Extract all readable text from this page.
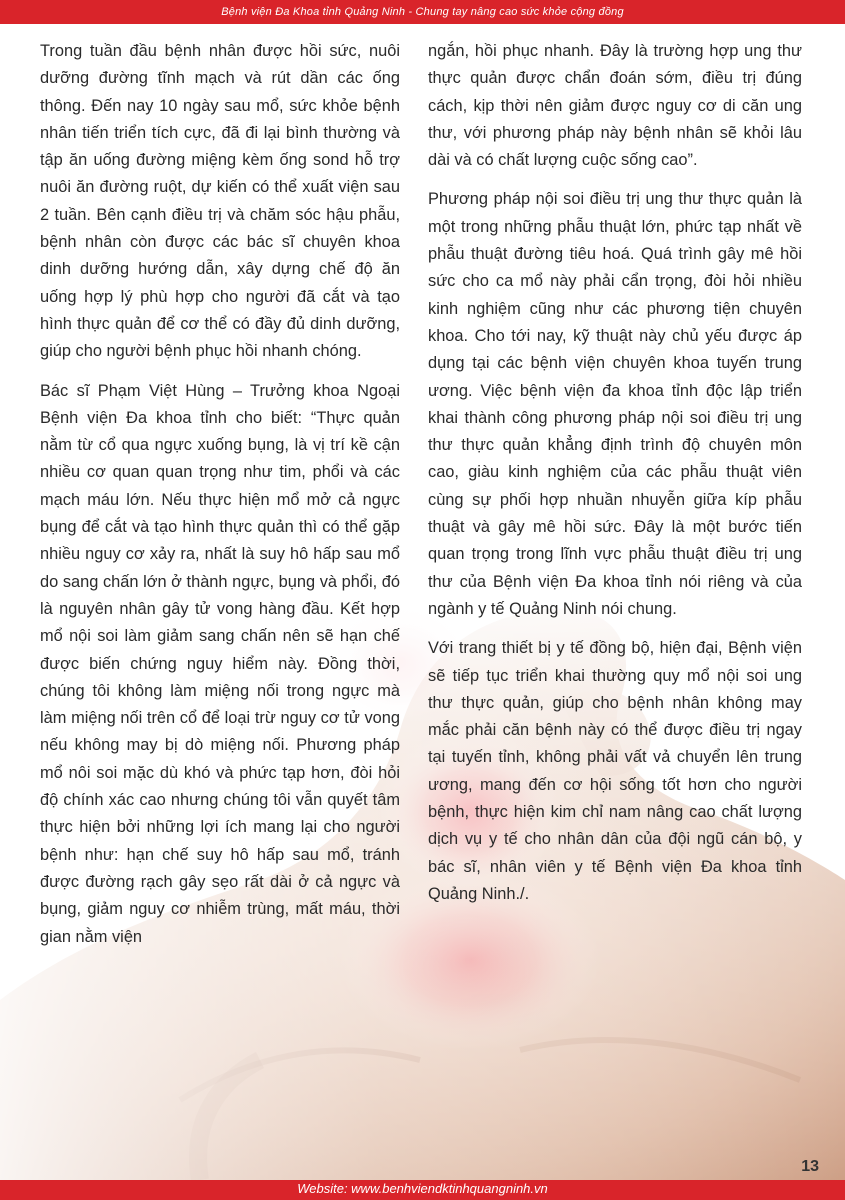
Bệnh viện Đa Khoa tỉnh Quảng Ninh - Chung tay nâng cao sức khỏe cộng đồng

Trong tuần đầu bệnh nhân được hồi sức, nuôi dưỡng đường tĩnh mạch và rút dần các ống thông. Đến nay 10 ngày sau mổ, sức khỏe bệnh nhân tiến triển tích cực, đã đi lại bình thường và tập ăn uống đường miệng kèm ống sond hỗ trợ nuôi ăn đường ruột, dự kiến có thể xuất viện sau 2 tuần. Bên cạnh điều trị và chăm sóc hậu phẫu, bệnh nhân còn được các bác sĩ chuyên khoa dinh dưỡng hướng dẫn, xây dựng chế độ ăn uống hợp lý phù hợp cho người đã cắt và tạo hình thực quản để cơ thể có đầy đủ dinh dưỡng, giúp cho người bệnh phục hồi nhanh chóng.

Bác sĩ Phạm Việt Hùng – Trưởng khoa Ngoại Bệnh viện Đa khoa tỉnh cho biết: “Thực quản nằm từ cổ qua ngực xuống bụng, là vị trí kề cận nhiều cơ quan quan trọng như tim, phổi và các mạch máu lớn. Nếu thực hiện mổ mở cả ngực bụng để cắt và tạo hình thực quản thì có thể gặp nhiều nguy cơ xảy ra, nhất là suy hô hấp sau mổ do sang chấn lớn ở thành ngực, bụng và phổi, đó là nguyên nhân gây tử vong hàng đầu. Kết hợp mổ nội soi làm giảm sang chấn nên sẽ hạn chế được biến chứng nguy hiểm này. Đồng thời, chúng tôi không làm miệng nối trong ngực mà làm miệng nối trên cổ để loại trừ nguy cơ tử vong nếu không may bị dò miệng nối. Phương pháp mổ nôi soi mặc dù khó và phức tạp hơn, đòi hỏi độ chính xác cao nhưng chúng tôi vẫn quyết tâm thực hiện bởi những lợi ích mang lại cho người bệnh như: hạn chế suy hô hấp sau mổ, tránh được đường rạch gây sẹo rất dài ở cả ngực và bụng, giảm nguy cơ nhiễm trùng, mất máu, thời gian nằm viện

ngắn, hồi phục nhanh. Đây là trường hợp ung thư thực quản được chẩn đoán sớm, điều trị đúng cách, kịp thời nên giảm được nguy cơ di căn ung thư, với phương pháp này bệnh nhân sẽ khỏi lâu dài và có chất lượng cuộc sống cao”.

Phương pháp nội soi điều trị ung thư thực quản là một trong những phẫu thuật lớn, phức tạp nhất về phẫu thuật đường tiêu hoá. Quá trình gây mê hồi sức cho ca mổ này phải cẩn trọng, đòi hỏi nhiều kinh nghiệm cũng như các phương tiện chuyên khoa. Cho tới nay, kỹ thuật này chủ yếu được áp dụng tại các bệnh viện chuyên khoa tuyến trung ương. Việc bệnh viện đa khoa tỉnh độc lập triển khai thành công phương pháp nội soi điều trị ung thư thực quản khẳng định trình độ chuyên môn cao, giàu kinh nghiệm của các phẫu thuật viên cùng sự phối hợp nhuần nhuyễn giữa kíp phẫu thuật và gây mê hồi sức. Đây là một bước tiến quan trọng trong lĩnh vực phẫu thuật điều trị ung thư của Bệnh viện Đa khoa tỉnh nói riêng và của ngành y tế Quảng Ninh nói chung.

Với trang thiết bị y tế đồng bộ, hiện đại, Bệnh viện sẽ tiếp tục triển khai thường quy mổ nội soi ung thư thực quản, giúp cho bệnh nhân không may mắc phải căn bệnh này có thể được điều trị ngay tại tuyến tỉnh, không phải vất vả chuyển lên trung ương, mang đến cơ hội sống tốt hơn cho người bệnh, thực hiện kim chỉ nam nâng cao chất lượng dịch vụ y tế cho nhân dân của đội ngũ cán bộ, y bác sĩ, nhân viên y tế Bệnh viện Đa khoa tỉnh Quảng Ninh./.

13
Website: www.benhviendktinhquangninh.vn
